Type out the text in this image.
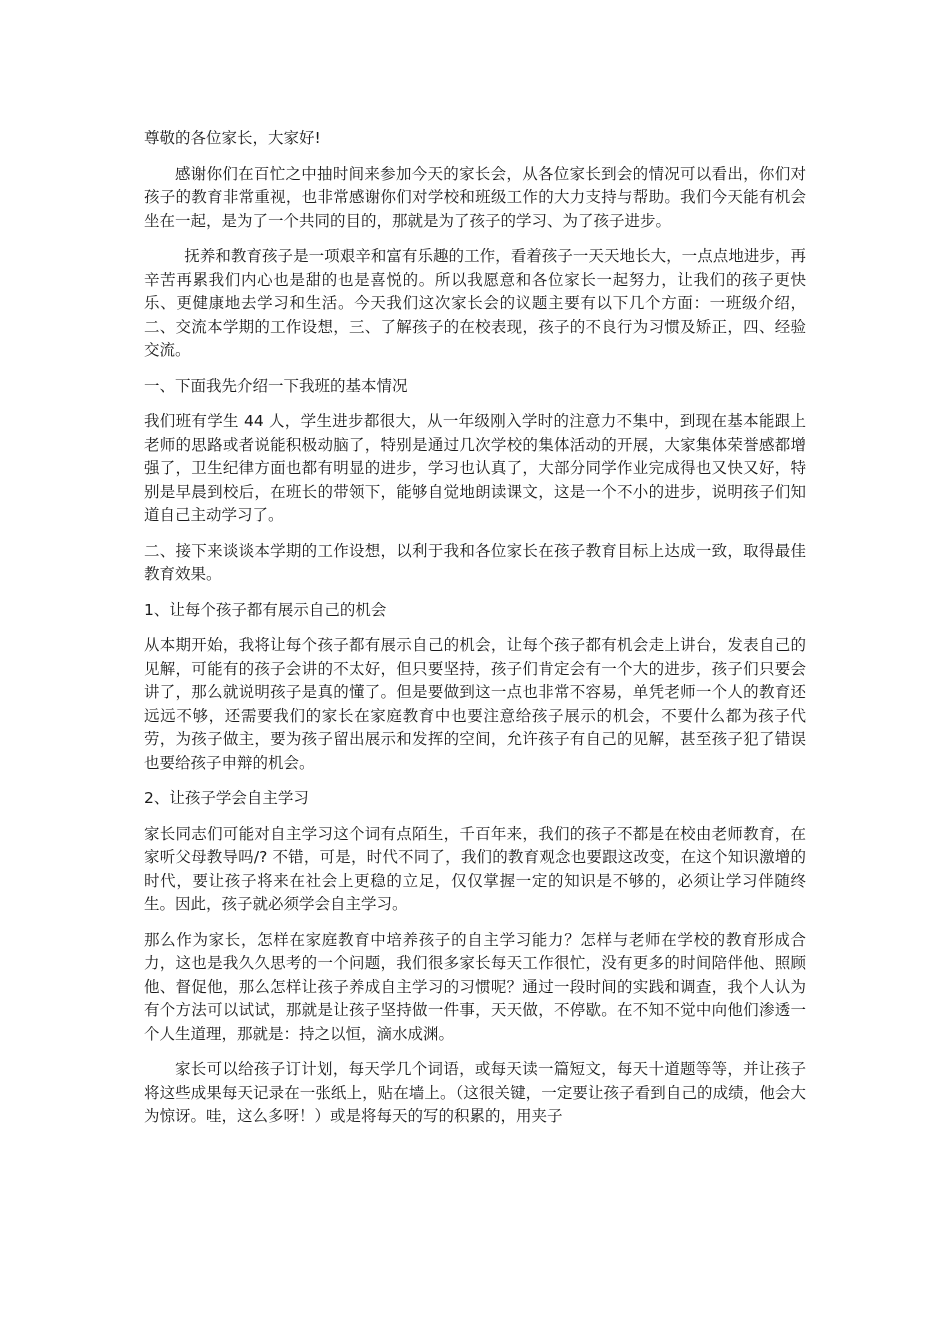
尊敬的各位家长，大家好!

感谢你们在百忙之中抽时间来参加今天的家长会，从各位家长到会的情况可以看出，你们对孩子的教育非常重视，也非常感谢你们对学校和班级工作的大力支持与帮助。我们今天能有机会坐在一起，是为了一个共同的目的，那就是为了孩子的学习、为了孩子进步。

抚养和教育孩子是一项艰辛和富有乐趣的工作，看着孩子一天天地长大，一点点地进步，再辛苦再累我们内心也是甜的也是喜悦的。所以我愿意和各位家长一起努力，让我们的孩子更快乐、更健康地去学习和生活。今天我们这次家长会的议题主要有以下几个方面：一班级介绍，二、交流本学期的工作设想，三、了解孩子的在校表现，孩子的不良行为习惯及矫正，四、经验交流。

一、下面我先介绍一下我班的基本情况

我们班有学生 44 人，学生进步都很大，从一年级刚入学时的注意力不集中，到现在基本能跟上老师的思路或者说能积极动脑了，特别是通过几次学校的集体活动的开展，大家集体荣誉感都增强了，卫生纪律方面也都有明显的进步，学习也认真了，大部分同学作业完成得也又快又好，特别是早晨到校后，在班长的带领下，能够自觉地朗读课文，这是一个不小的进步，说明孩子们知道自己主动学习了。

二、接下来谈谈本学期的工作设想，以利于我和各位家长在孩子教育目标上达成一致，取得最佳教育效果。

1、让每个孩子都有展示自己的机会

从本期开始，我将让每个孩子都有展示自己的机会，让每个孩子都有机会走上讲台，发表自己的见解，可能有的孩子会讲的不太好，但只要坚持，孩子们肯定会有一个大的进步，孩子们只要会讲了，那么就说明孩子是真的懂了。但是要做到这一点也非常不容易，单凭老师一个人的教育还远远不够，还需要我们的家长在家庭教育中也要注意给孩子展示的机会，不要什么都为孩子代劳，为孩子做主，要为孩子留出展示和发挥的空间，允许孩子有自己的见解，甚至孩子犯了错误也要给孩子申辩的机会。

2、让孩子学会自主学习

家长同志们可能对自主学习这个词有点陌生，千百年来，我们的孩子不都是在校由老师教育，在家听父母教导吗/? 不错，可是，时代不同了，我们的教育观念也要跟这改变，在这个知识激增的时代，要让孩子将来在社会上更稳的立足，仅仅掌握一定的知识是不够的，必须让学习伴随终生。因此，孩子就必须学会自主学习。

那么作为家长，怎样在家庭教育中培养孩子的自主学习能力？怎样与老师在学校的教育形成合力，这也是我久久思考的一个问题，我们很多家长每天工作很忙，没有更多的时间陪伴他、照顾他、督促他，那么怎样让孩子养成自主学习的习惯呢？通过一段时间的实践和调查，我个人认为有个方法可以试试，那就是让孩子坚持做一件事，天天做，不停歇。在不知不觉中向他们渗透一个人生道理，那就是：持之以恒，滴水成渊。

家长可以给孩子订计划，每天学几个词语，或每天读一篇短文，每天十道题等等，并让孩子将这些成果每天记录在一张纸上，贴在墙上。（这很关键，一定要让孩子看到自己的成绩，他会大为惊讶。哇，这么多呀！）或是将每天的写的积累的，用夹子
